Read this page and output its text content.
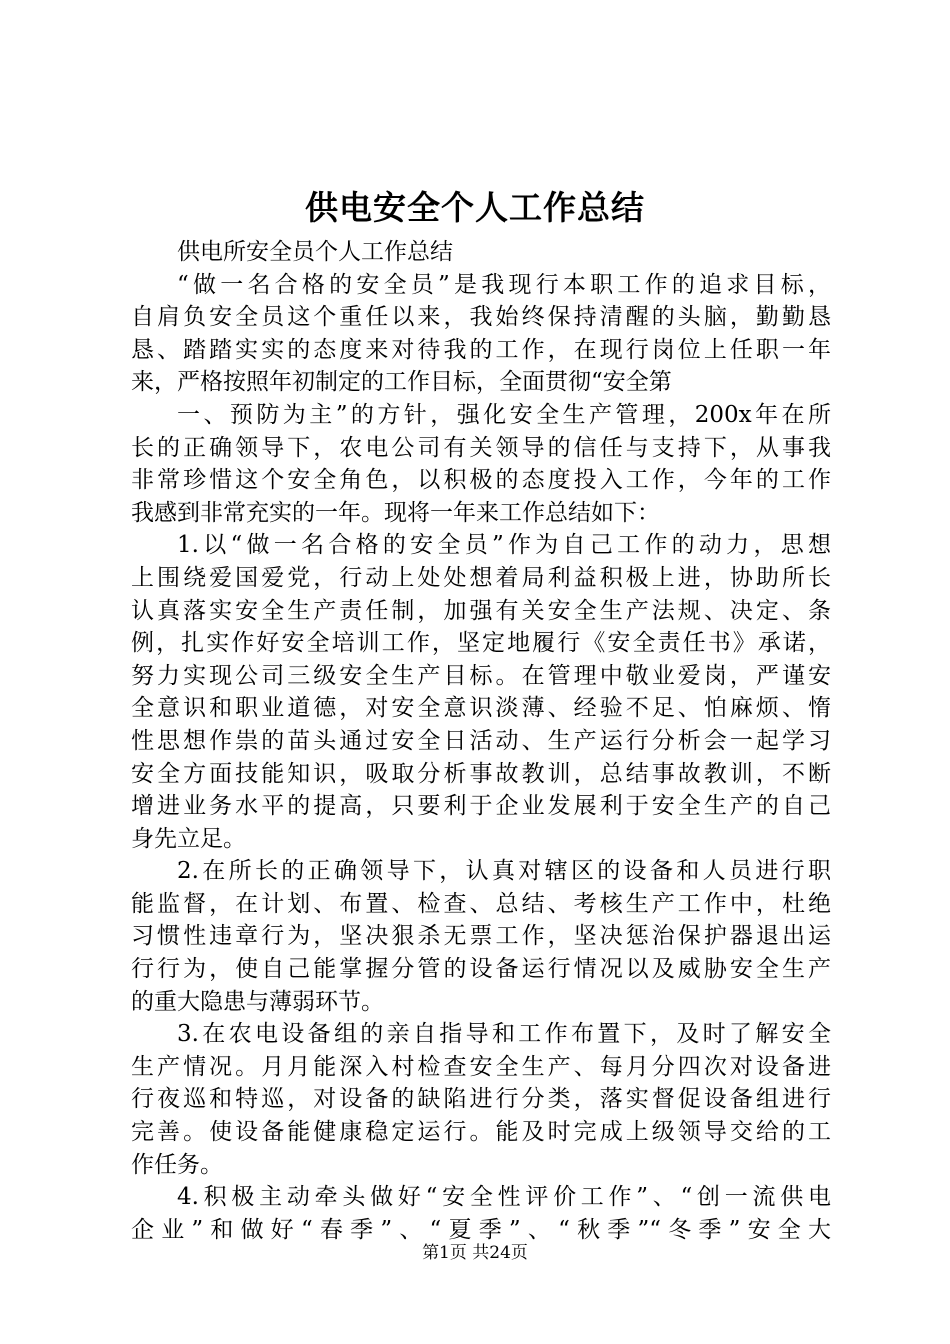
供电安全个人工作总结
供电所安全员个人工作总结
“做一名合格的安全员”是我现行本职工作的追求目标，
自肩负安全员这个重任以来，我始终保持清醒的头脑，勤勤恳
恳、踏踏实实的态度来对待我的工作，在现行岗位上任职一年
来，严格按照年初制定的工作目标，全面贯彻“安全第
一、预防为主”的方针，强化安全生产管理，200x年在所
长的正确领导下，农电公司有关领导的信任与支持下，从事我
非常珍惜这个安全角色，以积极的态度投入工作，今年的工作
我感到非常充实的一年。现将一年来工作总结如下：
1.以“做一名合格的安全员”作为自己工作的动力，思想
上围绕爱国爱党，行动上处处想着局利益积极上进，协助所长
认真落实安全生产责任制，加强有关安全生产法规、决定、条
例，扎实作好安全培训工作，坚定地履行《安全责任书》承诺，
努力实现公司三级安全生产目标。在管理中敬业爱岗，严谨安
全意识和职业道德，对安全意识淡薄、经验不足、怕麻烦、惰
性思想作祟的苗头通过安全日活动、生产运行分析会一起学习
安全方面技能知识，吸取分析事故教训，总结事故教训，不断
增进业务水平的提高，只要利于企业发展利于安全生产的自己
身先立足。
2.在所长的正确领导下，认真对辖区的设备和人员进行职
能监督，在计划、布置、检查、总结、考核生产工作中，杜绝
习惯性违章行为，坚决狠杀无票工作，坚决惩治保护器退出运
行行为，使自己能掌握分管的设备运行情况以及威胁安全生产
的重大隐患与薄弱环节。
3.在农电设备组的亲自指导和工作布置下，及时了解安全
生产情况。月月能深入村检查安全生产、每月分四次对设备进
行夜巡和特巡，对设备的缺陷进行分类，落实督促设备组进行
完善。使设备能健康稳定运行。能及时完成上级领导交给的工
作任务。
4.积极主动牵头做好“安全性评价工作”、“创一流供电
企业”和做好“春季”、“夏季”、“秋季”“冬季”安全大
第1页 共24页
